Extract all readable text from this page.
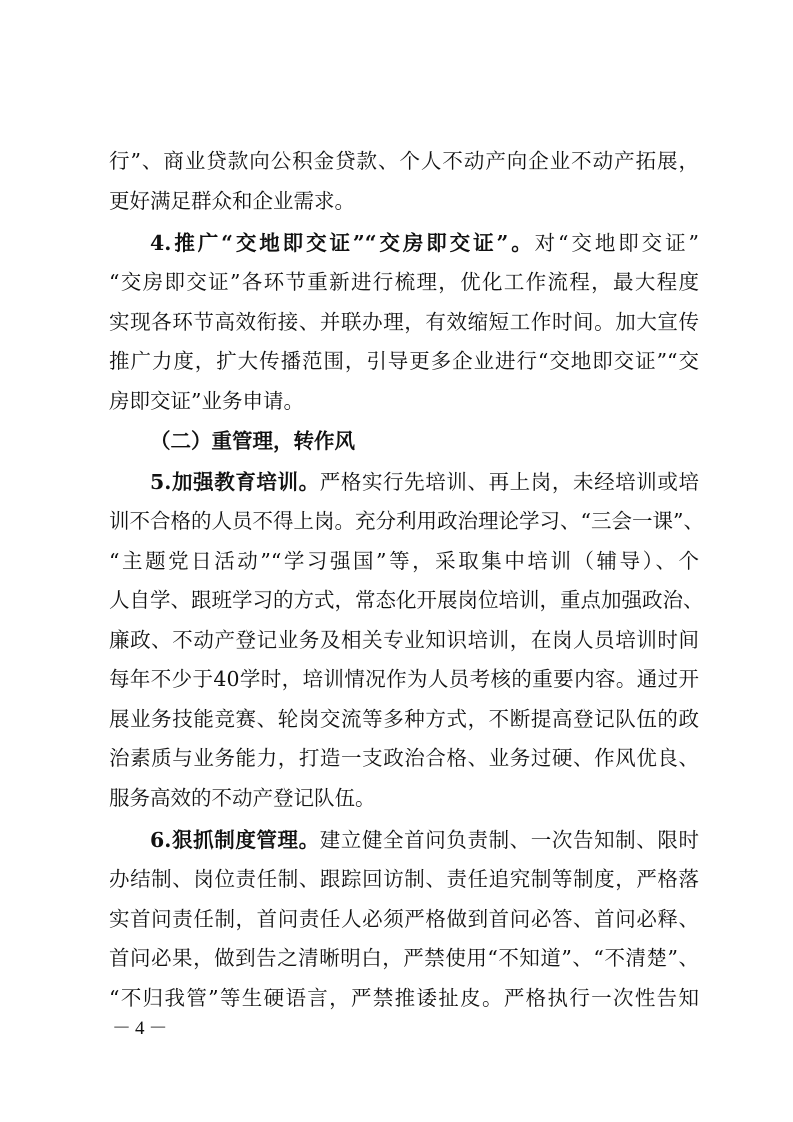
行”、商业贷款向公积金贷款、个人不动产向企业不动产拓展，
更好满足群众和企业需求。
4.推广“交地即交证”“交房即交证”。对“交地即交证”
“交房即交证”各环节重新进行梳理，优化工作流程，最大程度
实现各环节高效衔接、并联办理，有效缩短工作时间。加大宣传
推广力度，扩大传播范围，引导更多企业进行“交地即交证”“交
房即交证”业务申请。
（二）重管理，转作风
5.加强教育培训。严格实行先培训、再上岗，未经培训或培
训不合格的人员不得上岗。充分利用政治理论学习、“三会一课”、
“主题党日活动”“学习强国”等，采取集中培训（辅导）、个
人自学、跟班学习的方式，常态化开展岗位培训，重点加强政治、
廉政、不动产登记业务及相关专业知识培训，在岗人员培训时间
每年不少于40学时，培训情况作为人员考核的重要内容。通过开
展业务技能竞赛、轮岗交流等多种方式，不断提高登记队伍的政
治素质与业务能力，打造一支政治合格、业务过硬、作风优良、
服务高效的不动产登记队伍。
6.狠抓制度管理。建立健全首问负责制、一次告知制、限时
办结制、岗位责任制、跟踪回访制、责任追究制等制度，严格落
实首问责任制，首问责任人必须严格做到首问必答、首问必释、
首问必果，做到告之清晰明白，严禁使用“不知道”、“不清楚”、
“不归我管”等生硬语言，严禁推诿扯皮。严格执行一次性告知
－4－
